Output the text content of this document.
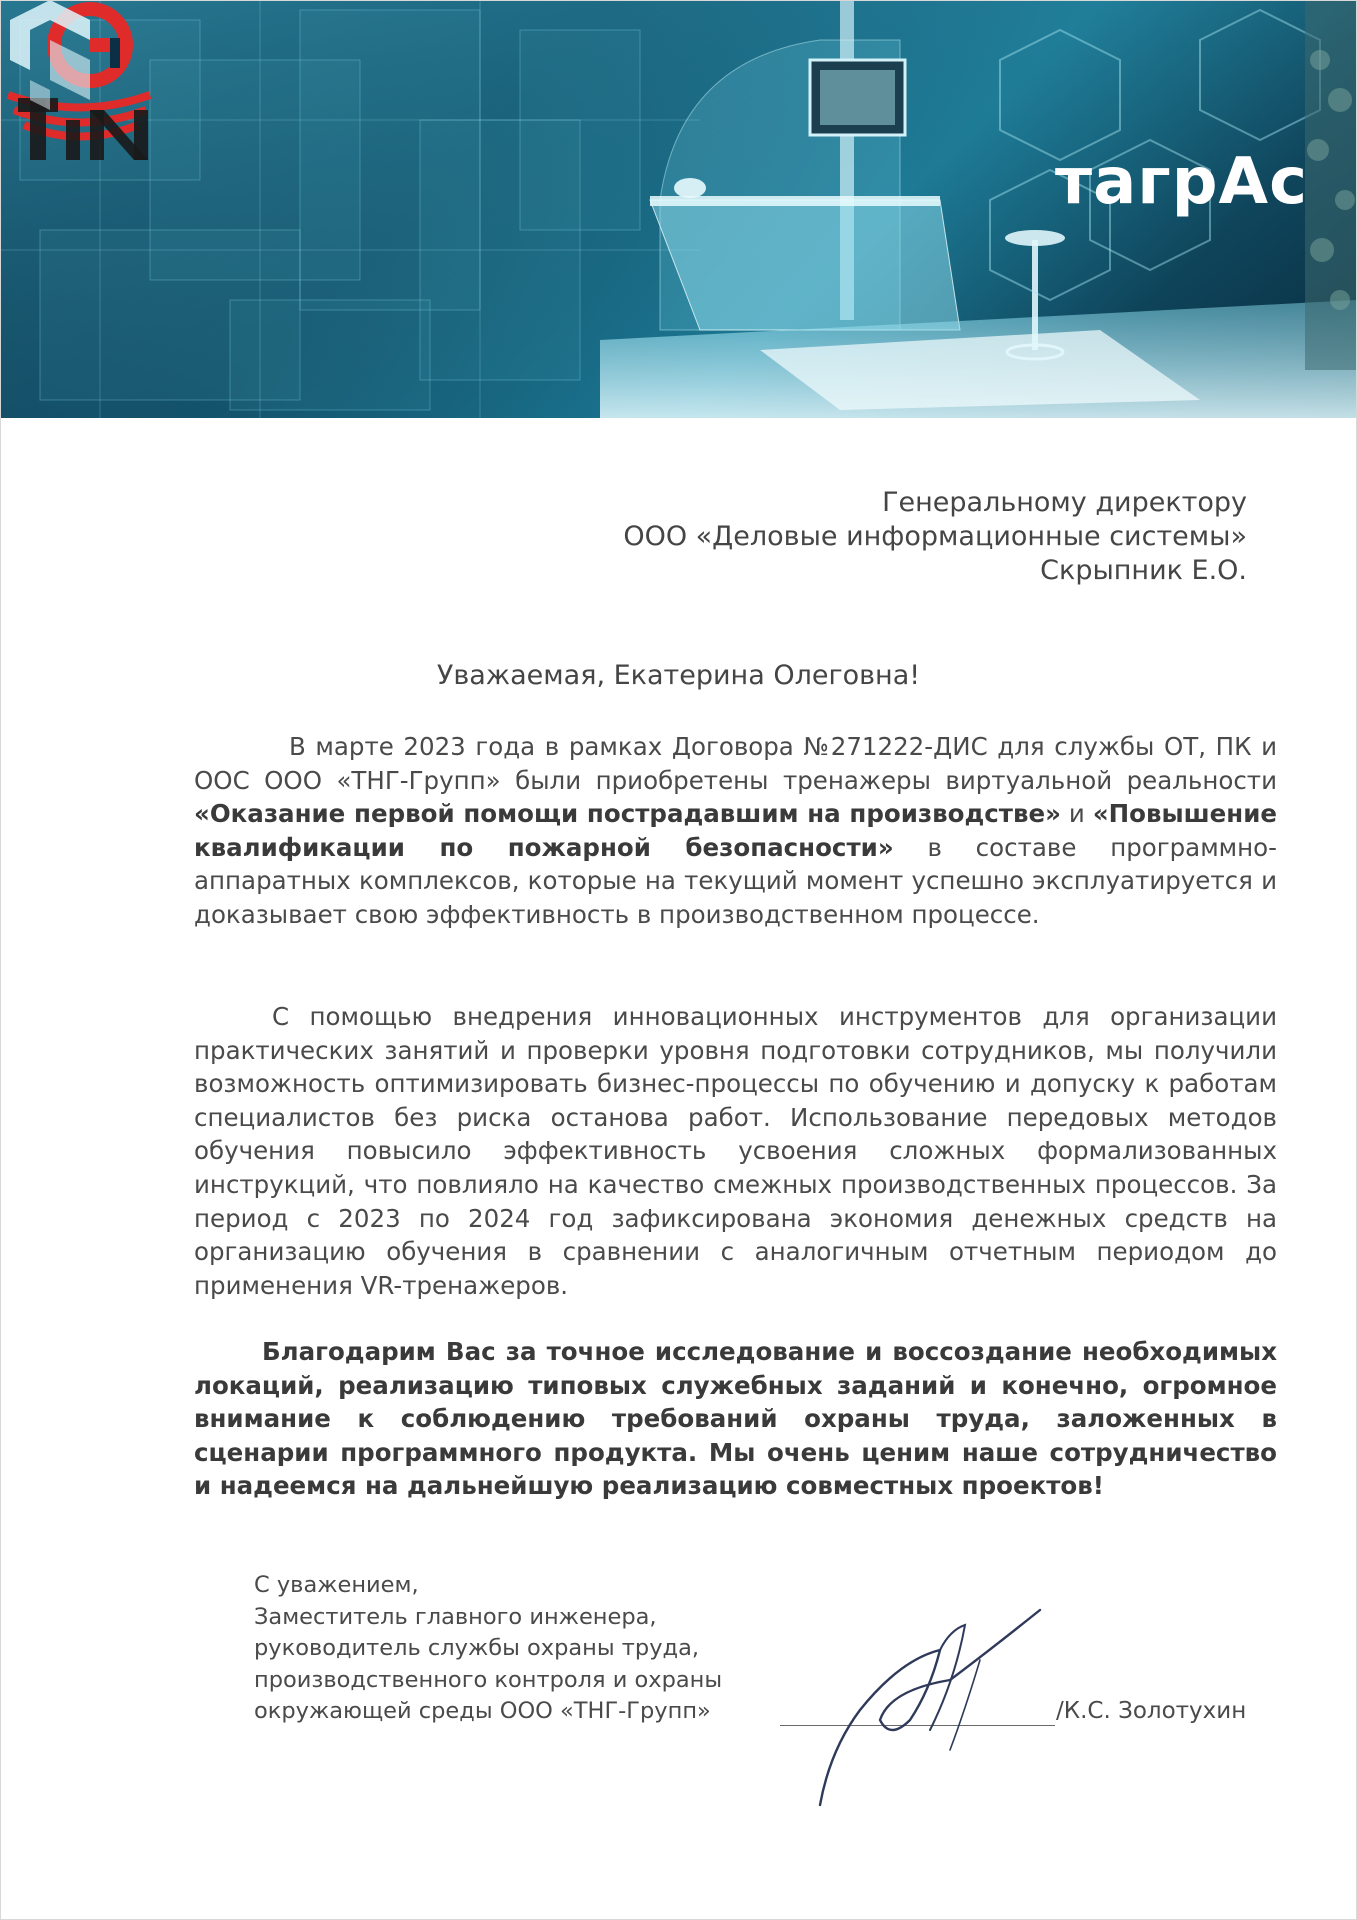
тагрАс
Генеральному директору
ООО «Деловые информационные системы»
Скрыпник Е.О.
Уважаемая, Екатерина Олеговна!
В марте 2023 года в рамках Договора №271222-ДИС для службы ОТ, ПК и ООС ООО «ТНГ-Групп» были приобретены тренажеры виртуальной реальности «Оказание первой помощи пострадавшим на производстве» и «Повышение квалификации по пожарной безопасности» в составе программно-аппаратных комплексов, которые на текущий момент успешно эксплуатируется и доказывает свою эффективность в производственном процессе.
С помощью внедрения инновационных инструментов для организации практических занятий и проверки уровня подготовки сотрудников, мы получили возможность оптимизировать бизнес-процессы по обучению и допуску к работам специалистов без риска останова работ. Использование передовых методов обучения повысило эффективность усвоения сложных формализованных инструкций, что повлияло на качество смежных производственных процессов. За период с 2023 по 2024 год зафиксирована экономия денежных средств на организацию обучения в сравнении с аналогичным отчетным периодом до применения VR-тренажеров.
Благодарим Вас за точное исследование и воссоздание необходимых локаций, реализацию типовых служебных заданий и конечно, огромное внимание к соблюдению требований охраны труда, заложенных в сценарии программного продукта. Мы очень ценим наше сотрудничество и надеемся на дальнейшую реализацию совместных проектов!
С уважением,
Заместитель главного инженера,
руководитель службы охраны труда,
производственного контроля и охраны
окружающей среды ООО «ТНГ-Групп»	/К.С. Золотухин
